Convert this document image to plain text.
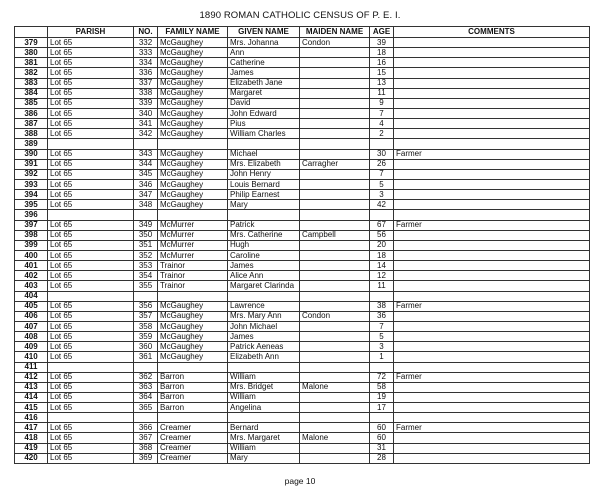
1890 ROMAN CATHOLIC CENSUS OF P. E. I.
	PARISH	NO.	FAMILY NAME	GIVEN NAME	MAIDEN NAME	AGE	COMMENTS
379	Lot 65	332	McGaughey	Mrs. Johanna	Condon	39	
380	Lot 65	333	McGaughey	Ann		18	
381	Lot 65	334	McGaughey	Catherine		16	
382	Lot 65	336	McGaughey	James		15	
383	Lot 65	337	McGaughey	Elizabeth Jane		13	
384	Lot 65	338	McGaughey	Margaret		11	
385	Lot 65	339	McGaughey	David		9	
386	Lot 65	340	McGaughey	John Edward		7	
387	Lot 65	341	McGaughey	Pius		4	
388	Lot 65	342	McGaughey	William Charles		2	
389							
390	Lot 65	343	McGaughey	Michael		30	Farmer
391	Lot 65	344	McGaughey	Mrs. Elizabeth	Carragher	26	
392	Lot 65	345	McGaughey	John Henry		7	
393	Lot 65	346	McGaughey	Louis Bernard		5	
394	Lot 65	347	McGaughey	Philip Earnest		3	
395	Lot 65	348	McGaughey	Mary		42	
396							
397	Lot 65	349	McMurrer	Patrick		67	Farmer
398	Lot 65	350	McMurrer	Mrs. Catherine	Campbell	56	
399	Lot 65	351	McMurrer	Hugh		20	
400	Lot 65	352	McMurrer	Caroline		18	
401	Lot 65	353	Trainor	James		14	
402	Lot 65	354	Trainor	Alice Ann		12	
403	Lot 65	355	Trainor	Margaret Clarinda		11	
404							
405	Lot 65	356	McGaughey	Lawrence		38	Farmer
406	Lot 65	357	McGaughey	Mrs. Mary Ann	Condon	36	
407	Lot 65	358	McGaughey	John Michael		7	
408	Lot 65	359	McGaughey	James		5	
409	Lot 65	360	McGaughey	Patrick Aeneas		3	
410	Lot 65	361	McGaughey	Elizabeth Ann		1	
411							
412	Lot 65	362	Barron	William		72	Farmer
413	Lot 65	363	Barron	Mrs. Bridget	Malone	58	
414	Lot 65	364	Barron	William		19	
415	Lot 65	365	Barron	Angelina		17	
416							
417	Lot 65	366	Creamer	Bernard		60	Farmer
418	Lot 65	367	Creamer	Mrs. Margaret	Malone	60	
419	Lot 65	368	Creamer	William		31	
420	Lot 65	369	Creamer	Mary		28	
page 10
